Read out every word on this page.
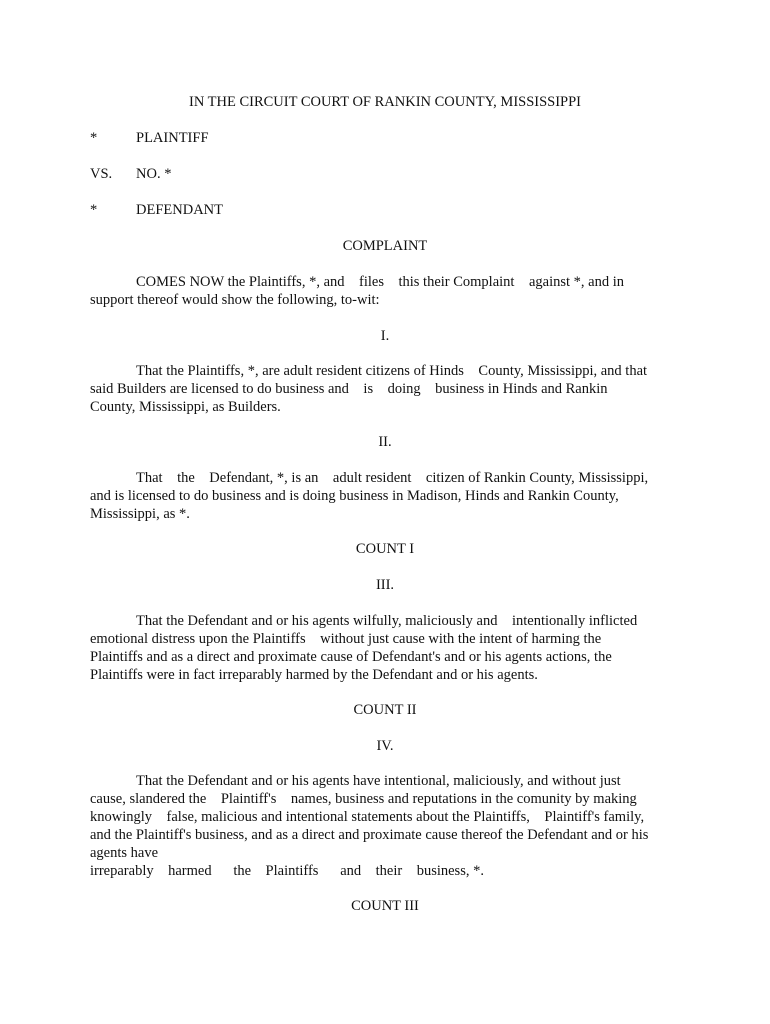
IN THE CIRCUIT COURT OF RANKIN COUNTY, MISSISSIPPI
*	PLAINTIFF
VS. NO. *
*	DEFENDANT
COMPLAINT
COMES NOW the Plaintiffs, *, and    files    this their Complaint    against *, and in
support thereof would show the following, to-wit:
I.
That the Plaintiffs, *, are adult resident citizens of Hinds    County, Mississippi, and that
said Builders are licensed to do business and    is    doing    business in Hinds and Rankin
County, Mississippi, as Builders.
II.
That    the    Defendant, *, is an    adult resident    citizen of Rankin County, Mississippi,
and is licensed to do business and is doing business in Madison, Hinds and Rankin County,
Mississippi, as *.
COUNT I
III.
That the Defendant and or his agents wilfully, maliciously and    intentionally inflicted
emotional distress upon the Plaintiffs    without just cause with the intent of harming the
Plaintiffs and as a direct and proximate cause of Defendant's and or his agents actions, the
Plaintiffs were in fact irreparably harmed by the Defendant and or his agents.
COUNT II
IV.
That the Defendant and or his agents have intentional, maliciously, and without just
cause, slandered the    Plaintiff's    names, business and reputations in the comunity by making
knowingly    false, malicious and intentional statements about the Plaintiffs,    Plaintiff's family,
and the Plaintiff's business, and as a direct and proximate cause thereof the Defendant and or his
agents have
irreparably    harmed      the    Plaintiffs      and    their    business, *.
COUNT III
